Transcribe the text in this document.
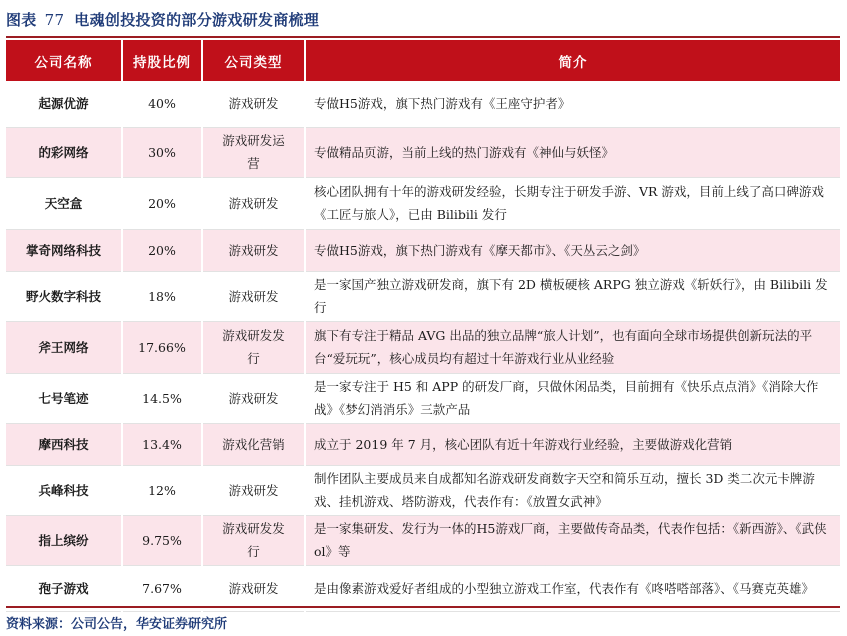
图表 77 电魂创投投资的部分游戏研发商梳理
公司名称	持股比例	公司类型	简介
起源优游	40%	游戏研发	专做H5游戏，旗下热门游戏有《王座守护者》
的彩网络	30%	游戏研发运营	专做精品页游，当前上线的热门游戏有《神仙与妖怪》
天空盒	20%	游戏研发	核心团队拥有十年的游戏研发经验，长期专注于研发手游、VR 游戏，目前上线了高口碑游戏《工匠与旅人》，已由 Bilibili 发行
掌奇网络科技	20%	游戏研发	专做H5游戏，旗下热门游戏有《摩天都市》、《天丛云之剑》
野火数字科技	18%	游戏研发	是一家国产独立游戏研发商，旗下有 2D 横板硬核 ARPG 独立游戏《斩妖行》，由 Bilibili 发行
斧王网络	17.66%	游戏研发发行	旗下有专注于精品 AVG 出品的独立品牌“旅人计划”，也有面向全球市场提供创新玩法的平台“爱玩玩”，核心成员均有超过十年游戏行业从业经验
七号笔迹	14.5%	游戏研发	是一家专注于 H5 和 APP 的研发厂商，只做休闲品类，目前拥有《快乐点点消》《消除大作战》《梦幻消消乐》三款产品
摩西科技	13.4%	游戏化营销	成立于 2019 年 7 月，核心团队有近十年游戏行业经验，主要做游戏化营销
兵峰科技	12%	游戏研发	制作团队主要成员来自成都知名游戏研发商数字天空和简乐互动，擅长 3D 类二次元卡牌游戏、挂机游戏、塔防游戏，代表作有：《放置女武神》
指上缤纷	9.75%	游戏研发发行	是一家集研发、发行为一体的H5游戏厂商，主要做传奇品类，代表作包括：《新西游》、《武侠 ol》等
孢子游戏	7.67%	游戏研发	是由像素游戏爱好者组成的小型独立游戏工作室，代表作有《咚嗒嗒部落》、《马赛克英雄》
资料来源：公司公告，华安证券研究所
